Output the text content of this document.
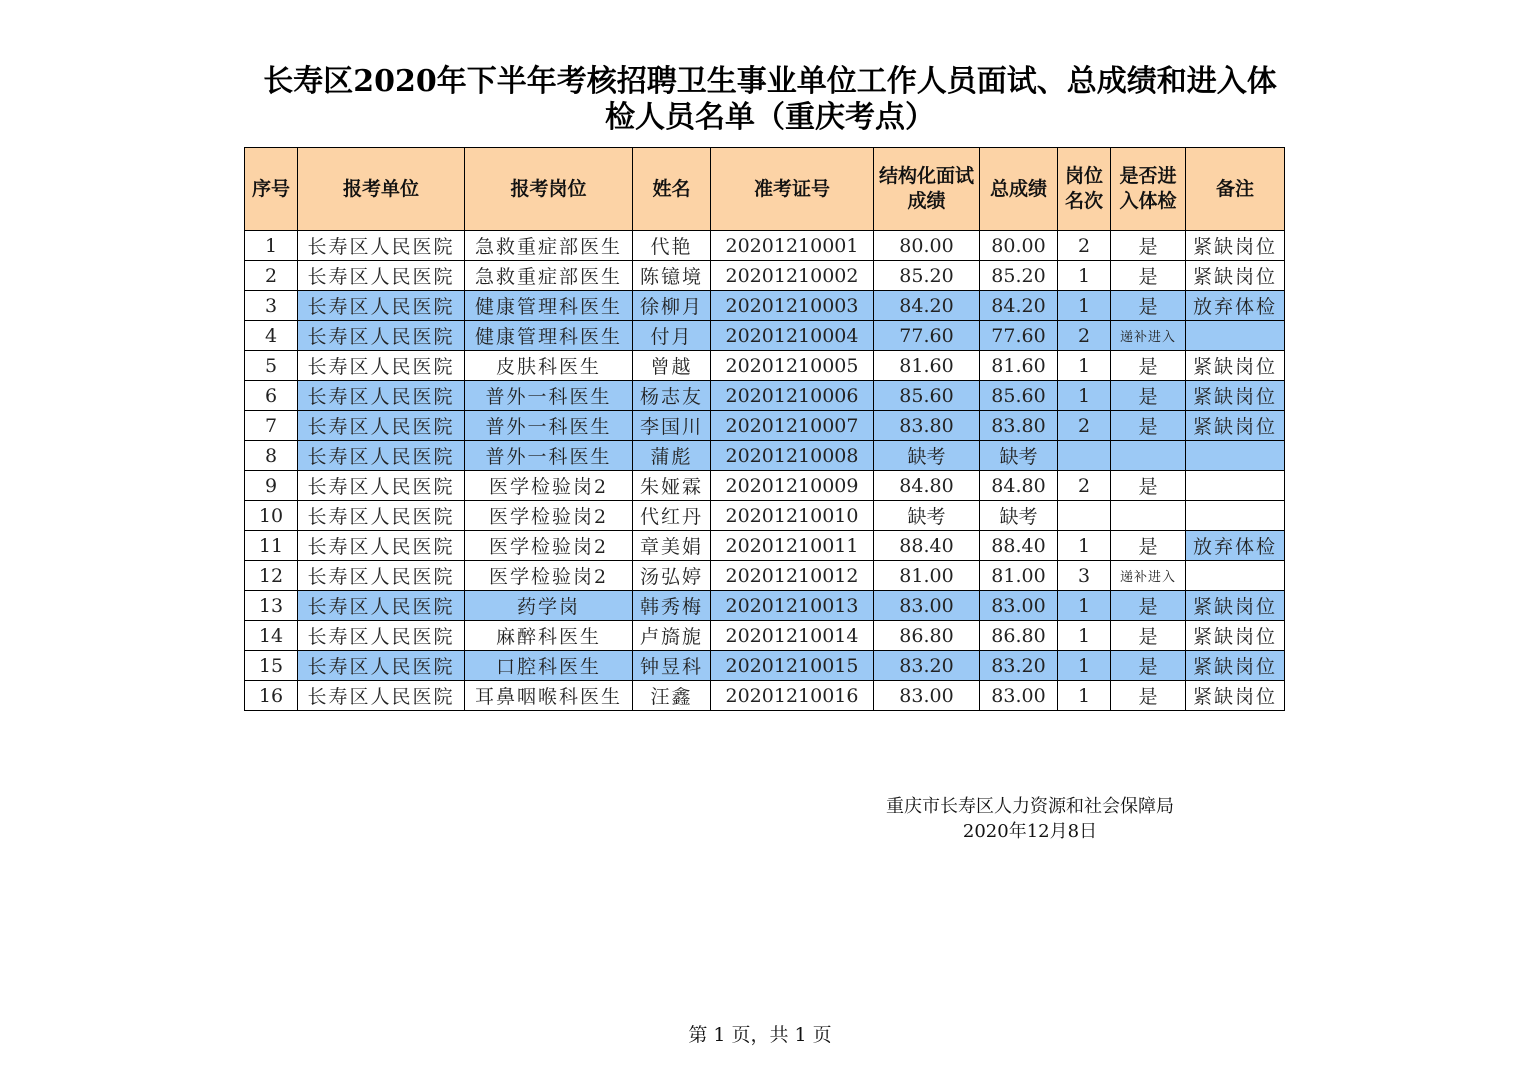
长寿区2020年下半年考核招聘卫生事业单位工作人员面试、总成绩和进入体
检人员名单（重庆考点）
序号	报考单位	报考岗位	姓名	准考证号	结构化面试成绩	总成绩	岗位名次	是否进入体检	备注
1	长寿区人民医院	急救重症部医生	代艳	20201210001	80.00	80.00	2	是	紧缺岗位
2	长寿区人民医院	急救重症部医生	陈镱境	20201210002	85.20	85.20	1	是	紧缺岗位
3	长寿区人民医院	健康管理科医生	徐柳月	20201210003	84.20	84.20	1	是	放弃体检
4	长寿区人民医院	健康管理科医生	付月	20201210004	77.60	77.60	2	递补进入	
5	长寿区人民医院	皮肤科医生	曾越	20201210005	81.60	81.60	1	是	紧缺岗位
6	长寿区人民医院	普外一科医生	杨志友	20201210006	85.60	85.60	1	是	紧缺岗位
7	长寿区人民医院	普外一科医生	李国川	20201210007	83.80	83.80	2	是	紧缺岗位
8	长寿区人民医院	普外一科医生	蒲彪	20201210008	缺考	缺考			
9	长寿区人民医院	医学检验岗2	朱娅霖	20201210009	84.80	84.80	2	是	
10	长寿区人民医院	医学检验岗2	代红丹	20201210010	缺考	缺考			
11	长寿区人民医院	医学检验岗2	章美娟	20201210011	88.40	88.40	1	是	放弃体检
12	长寿区人民医院	医学检验岗2	汤弘婷	20201210012	81.00	81.00	3	递补进入	
13	长寿区人民医院	药学岗	韩秀梅	20201210013	83.00	83.00	1	是	紧缺岗位
14	长寿区人民医院	麻醉科医生	卢旖旎	20201210014	86.80	86.80	1	是	紧缺岗位
15	长寿区人民医院	口腔科医生	钟昱科	20201210015	83.20	83.20	1	是	紧缺岗位
16	长寿区人民医院	耳鼻咽喉科医生	汪鑫	20201210016	83.00	83.00	1	是	紧缺岗位
重庆市长寿区人力资源和社会保障局
2020年12月8日
第 1 页，共 1 页
